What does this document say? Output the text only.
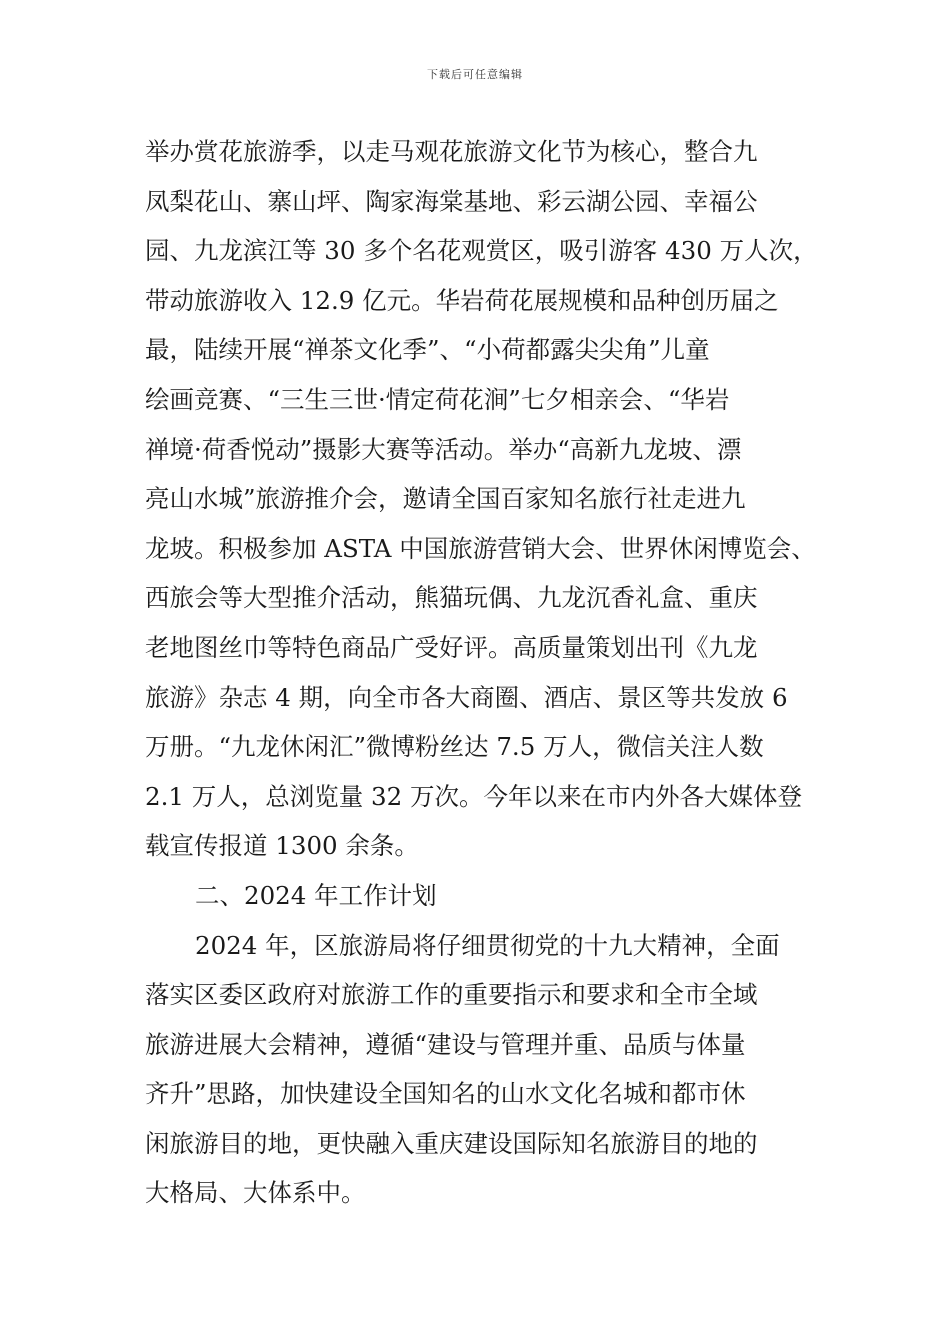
下载后可任意编辑
举办赏花旅游季，以走马观花旅游文化节为核心，整合九
凤梨花山、寨山坪、陶家海棠基地、彩云湖公园、幸福公
园、九龙滨江等 30 多个名花观赏区，吸引游客 430 万人次，
带动旅游收入 12.9 亿元。华岩荷花展规模和品种创历届之
最，陆续开展“禅茶文化季”、“小荷都露尖尖角”儿童
绘画竞赛、“三生三世·情定荷花涧”七夕相亲会、“华岩
禅境·荷香悦动”摄影大赛等活动。举办“高新九龙坡、漂
亮山水城”旅游推介会，邀请全国百家知名旅行社走进九
龙坡。积极参加 ASTA 中国旅游营销大会、世界休闲博览会、
西旅会等大型推介活动，熊猫玩偶、九龙沉香礼盒、重庆
老地图丝巾等特色商品广受好评。高质量策划出刊《九龙
旅游》杂志 4 期，向全市各大商圈、酒店、景区等共发放 6
万册。“九龙休闲汇”微博粉丝达 7.5 万人，微信关注人数
2.1 万人，总浏览量 32 万次。今年以来在市内外各大媒体登
载宣传报道 1300 余条。
二、2024 年工作计划
2024 年，区旅游局将仔细贯彻党的十九大精神，全面
落实区委区政府对旅游工作的重要指示和要求和全市全域
旅游进展大会精神，遵循“建设与管理并重、品质与体量
齐升”思路，加快建设全国知名的山水文化名城和都市休
闲旅游目的地，更快融入重庆建设国际知名旅游目的地的
大格局、大体系中。
